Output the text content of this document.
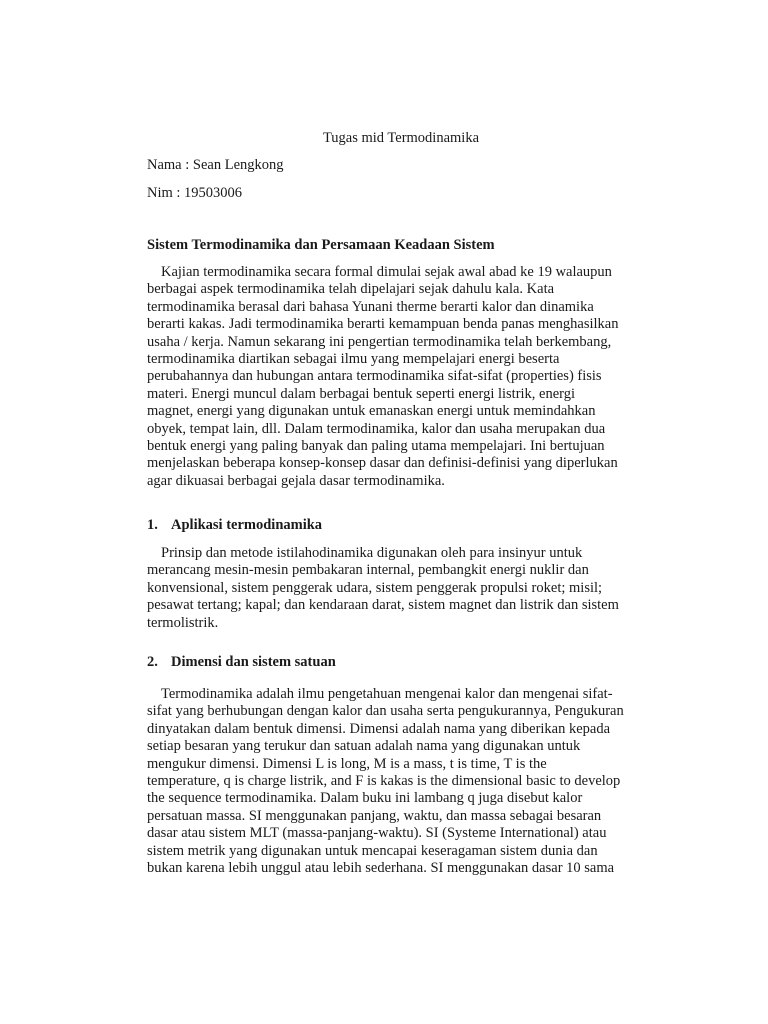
Tugas mid Termodinamika

Nama : Sean Lengkong

Nim : 19503006

Sistem Termodinamika dan Persamaan Keadaan Sistem
Kajian termodinamika secara formal dimulai sejak awal abad ke 19 walaupun
berbagai aspek termodinamika telah dipelajari sejak dahulu kala. Kata
termodinamika berasal dari bahasa Yunani therme berarti kalor dan dinamika
berarti kakas. Jadi termodinamika berarti kemampuan benda panas menghasilkan
usaha / kerja. Namun sekarang ini pengertian termodinamika telah berkembang,
termodinamika diartikan sebagai ilmu yang mempelajari energi beserta
perubahannya dan hubungan antara termodinamika sifat-sifat (properties) fisis
materi. Energi muncul dalam berbagai bentuk seperti energi listrik, energi
magnet, energi yang digunakan untuk emanaskan energi untuk memindahkan
obyek, tempat lain, dll. Dalam termodinamika, kalor dan usaha merupakan dua
bentuk energi yang paling banyak dan paling utama mempelajari. Ini bertujuan
menjelaskan beberapa konsep-konsep dasar dan definisi-definisi yang diperlukan
agar dikuasai berbagai gejala dasar termodinamika.
1. Aplikasi termodinamika
Prinsip dan metode istilahodinamika digunakan oleh para insinyur untuk
merancang mesin-mesin pembakaran internal, pembangkit energi nuklir dan
konvensional, sistem penggerak udara, sistem penggerak propulsi roket; misil;
pesawat tertang; kapal; dan kendaraan darat, sistem magnet dan listrik dan sistem
termolistrik.
2. Dimensi dan sistem satuan
Termodinamika adalah ilmu pengetahuan mengenai kalor dan mengenai sifat-
sifat yang berhubungan dengan kalor dan usaha serta pengukurannya, Pengukuran
dinyatakan dalam bentuk dimensi. Dimensi adalah nama yang diberikan kepada
setiap besaran yang terukur dan satuan adalah nama yang digunakan untuk
mengukur dimensi. Dimensi L is long, M is a mass, t is time, T is the
temperature, q is charge listrik, and F is kakas is the dimensional basic to develop
the sequence termodinamika. Dalam buku ini lambang q juga disebut kalor
persatuan massa. SI menggunakan panjang, waktu, dan massa sebagai besaran
dasar atau sistem MLT (massa-panjang-waktu). SI (Systeme International) atau
sistem metrik yang digunakan untuk mencapai keseragaman sistem dunia dan
bukan karena lebih unggul atau lebih sederhana. SI menggunakan dasar 10 sama
